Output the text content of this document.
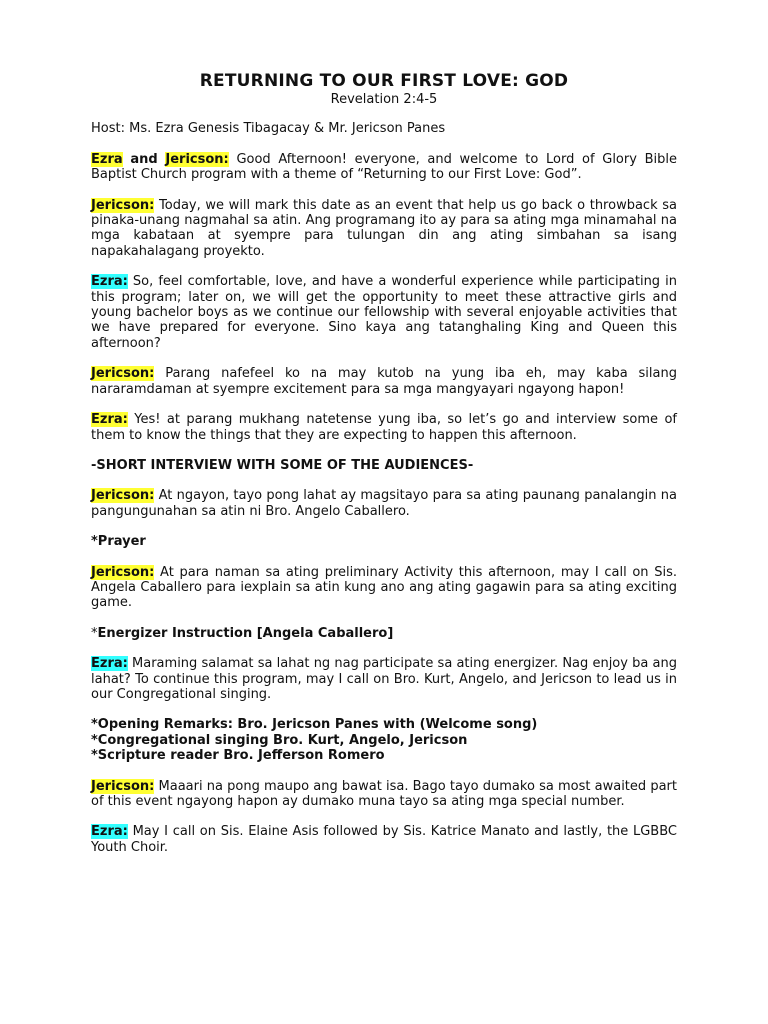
RETURNING TO OUR FIRST LOVE: GOD
Revelation 2:4-5

Host: Ms. Ezra Genesis Tibagacay & Mr. Jericson Panes

Ezra and Jericson: Good Afternoon! everyone, and welcome to Lord of Glory Bible Baptist Church program with a theme of “Returning to our First Love: God”.

Jericson: Today, we will mark this date as an event that help us go back o throwback sa pinaka-unang nagmahal sa atin. Ang programang ito ay para sa ating mga minamahal na mga kabataan at syempre para tulungan din ang ating simbahan sa isang napakahalagang proyekto.

Ezra: So, feel comfortable, love, and have a wonderful experience while participating in this program; later on, we will get the opportunity to meet these attractive girls and young bachelor boys as we continue our fellowship with several enjoyable activities that we have prepared for everyone. Sino kaya ang tatanghaling King and Queen this afternoon?

Jericson: Parang nafefeel ko na may kutob na yung iba eh, may kaba silang nararamdaman at syempre excitement para sa mga mangyayari ngayong hapon!

Ezra: Yes! at parang mukhang natetense yung iba, so let’s go and interview some of them to know the things that they are expecting to happen this afternoon.

-SHORT INTERVIEW WITH SOME OF THE AUDIENCES-

Jericson: At ngayon, tayo pong lahat ay magsitayo para sa ating paunang panalangin na pangungunahan sa atin ni Bro. Angelo Caballero.

*Prayer

Jericson: At para naman sa ating preliminary Activity this afternoon, may I call on Sis. Angela Caballero para iexplain sa atin kung ano ang ating gagawin para sa ating exciting game.

*Energizer Instruction [Angela Caballero]

Ezra: Maraming salamat sa lahat ng nag participate sa ating energizer. Nag enjoy ba ang lahat? To continue this program, may I call on Bro. Kurt, Angelo, and Jericson to lead us in our Congregational singing.

*Opening Remarks: Bro. Jericson Panes with (Welcome song)

*Congregational singing Bro. Kurt, Angelo, Jericson

*Scripture reader Bro. Jefferson Romero

Jericson: Maaari na pong maupo ang bawat isa. Bago tayo dumako sa most awaited part of this event ngayong hapon ay dumako muna tayo sa ating mga special number.

Ezra: May I call on Sis. Elaine Asis followed by Sis. Katrice Manato and lastly, the LGBBC Youth Choir.
